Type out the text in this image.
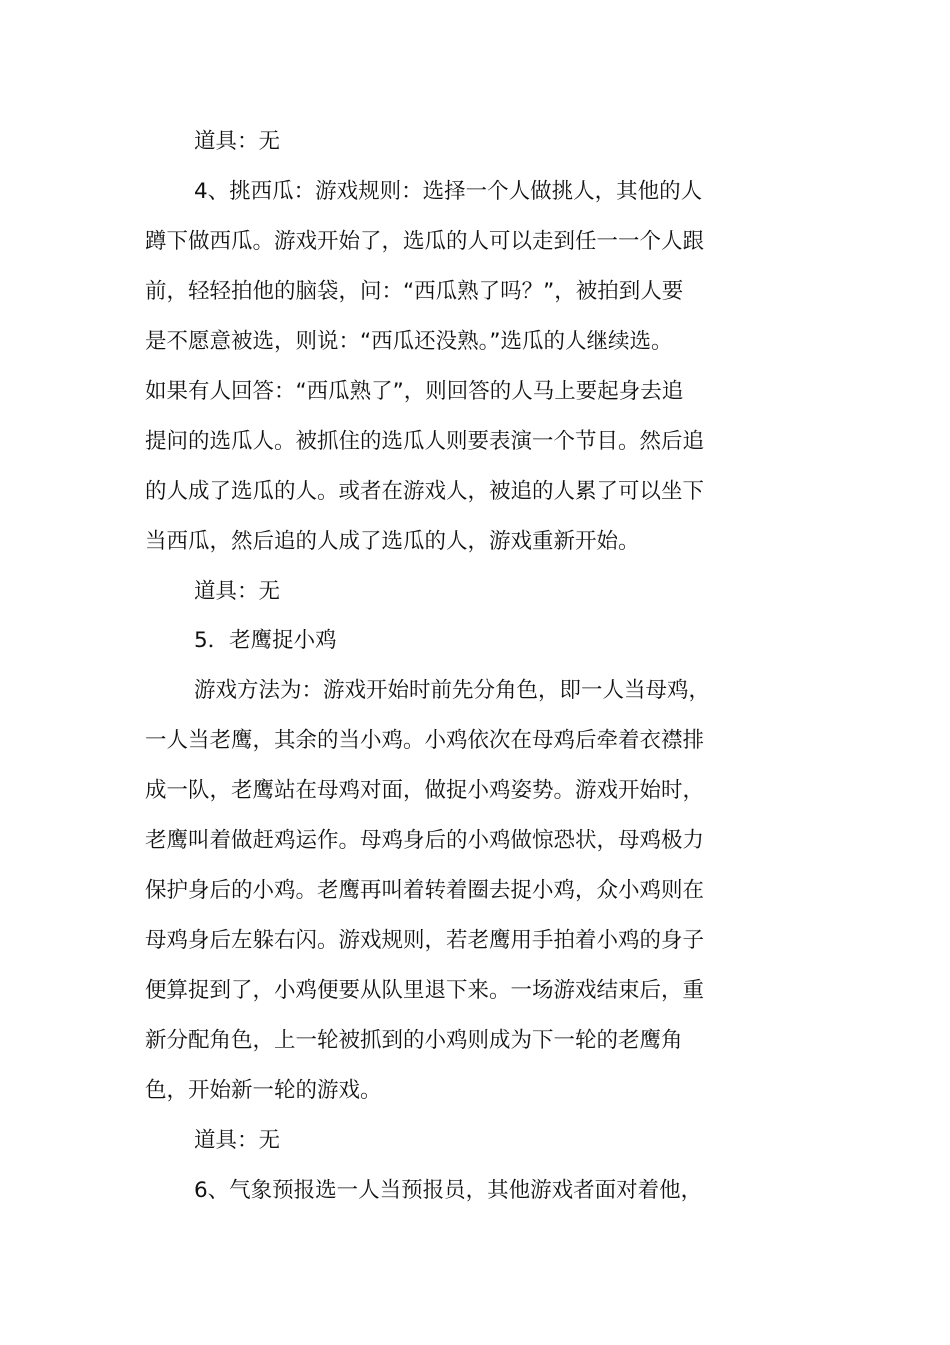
道具：无
4、挑西瓜：游戏规则：选择一个人做挑人，其他的人
蹲下做西瓜。游戏开始了，选瓜的人可以走到任一一个人跟
前，轻轻拍他的脑袋，问：“西瓜熟了吗？”，被拍到人要
是不愿意被选，则说：“西瓜还没熟。”选瓜的人继续选。
如果有人回答：“西瓜熟了”，则回答的人马上要起身去追
提问的选瓜人。被抓住的选瓜人则要表演一个节目。然后追
的人成了选瓜的人。或者在游戏人，被追的人累了可以坐下
当西瓜，然后追的人成了选瓜的人，游戏重新开始。
道具：无
5．老鹰捉小鸡
游戏方法为：游戏开始时前先分角色，即一人当母鸡，
一人当老鹰，其余的当小鸡。小鸡依次在母鸡后牵着衣襟排
成一队，老鹰站在母鸡对面，做捉小鸡姿势。游戏开始时，
老鹰叫着做赶鸡运作。母鸡身后的小鸡做惊恐状，母鸡极力
保护身后的小鸡。老鹰再叫着转着圈去捉小鸡，众小鸡则在
母鸡身后左躲右闪。游戏规则，若老鹰用手拍着小鸡的身子
便算捉到了，小鸡便要从队里退下来。一场游戏结束后，重
新分配角色，上一轮被抓到的小鸡则成为下一轮的老鹰角
色，开始新一轮的游戏。
道具：无
6、气象预报选一人当预报员，其他游戏者面对着他，
